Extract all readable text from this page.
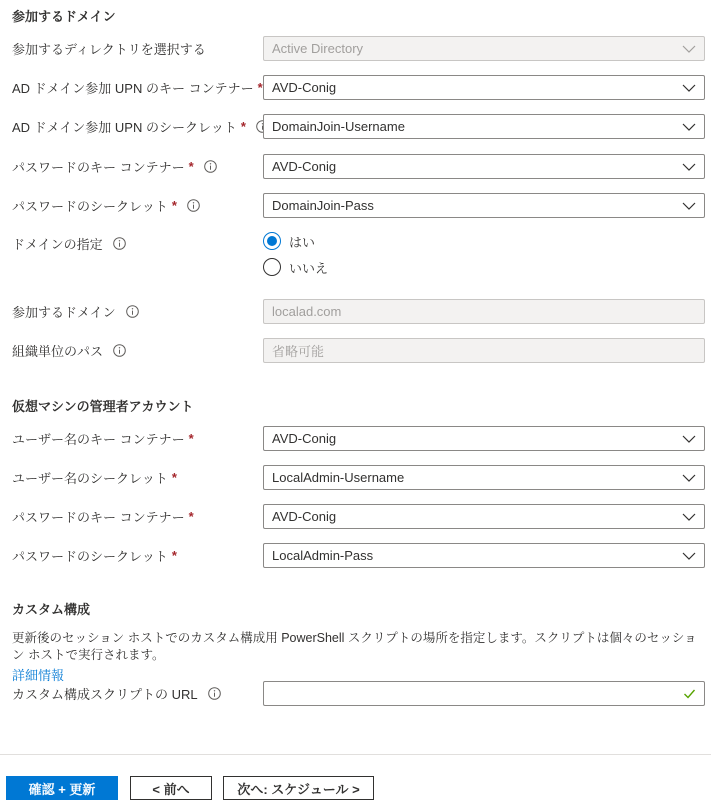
参加するドメイン
参加するディレクトリを選択する	Active Directory
AD ドメイン参加 UPN のキー コンテナー * AVD-Conig
AD ドメイン参加 UPN のシークレット * DomainJoin-Username
パスワードのキー コンテナー *	AVD-Conig
パスワードのシークレット *	DomainJoin-Pass
ドメインの指定	はい
いいえ
参加するドメイン	localad.com
組織単位のパス	省略可能
仮想マシンの管理者アカウント
ユーザー名のキー コンテナー *	AVD-Conig
ユーザー名のシークレット *	LocalAdmin-Username
パスワードのキー コンテナー *	AVD-Conig
パスワードのシークレット *	LocalAdmin-Pass
カスタム構成
更新後のセッション ホストでのカスタム構成用 PowerShell スクリプトの場所を指定します。スクリプトは個々のセッション ホストで実行されます。
詳細情報
カスタム構成スクリプトの URL
確認 + 更新	< 前へ	次へ: スケジュール >
